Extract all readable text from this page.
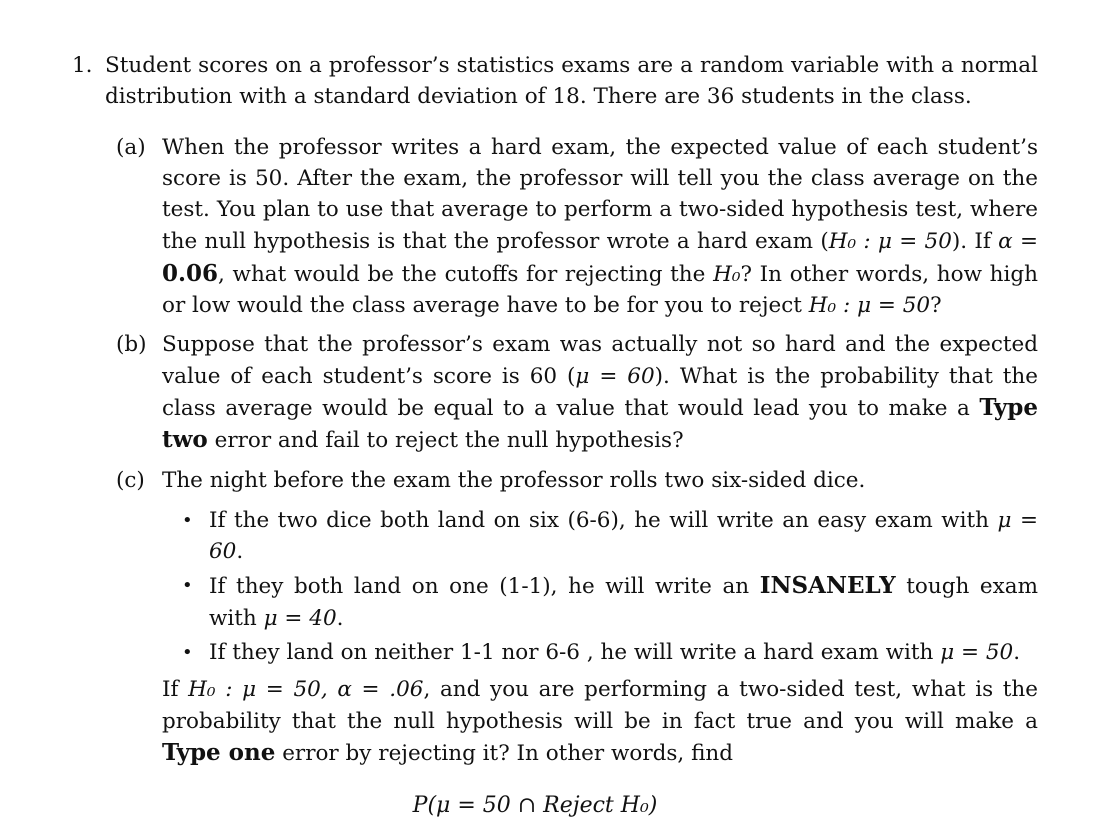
1. Student scores on a professor’s statistics exams are a random variable with a normal distribution with a standard deviation of 18. There are 36 students in the class.
(a) When the professor writes a hard exam, the expected value of each student’s score is 50. After the exam, the professor will tell you the class average on the test. You plan to use that average to perform a two-sided hypothesis test, where the null hypothesis is that the professor wrote a hard exam (H₀ : μ = 50). If α = 0.06, what would be the cutoffs for rejecting the H₀? In other words, how high or low would the class average have to be for you to reject H₀ : μ = 50?
(b) Suppose that the professor’s exam was actually not so hard and the expected value of each student’s score is 60 (μ = 60). What is the probability that the class average would be equal to a value that would lead you to make a Type two error and fail to reject the null hypothesis?
(c) The night before the exam the professor rolls two six-sided dice.
• If the two dice both land on six (6-6), he will write an easy exam with μ = 60.
• If they both land on one (1-1), he will write an INSANELY tough exam with μ = 40.
• If they land on neither 1-1 nor 6-6 , he will write a hard exam with μ = 50.
If H₀ : μ = 50, α = .06, and you are performing a two-sided test, what is the probability that the null hypothesis will be in fact true and you will make a Type one error by rejecting it? In other words, find
P(μ = 50 ∩ Reject H₀)
